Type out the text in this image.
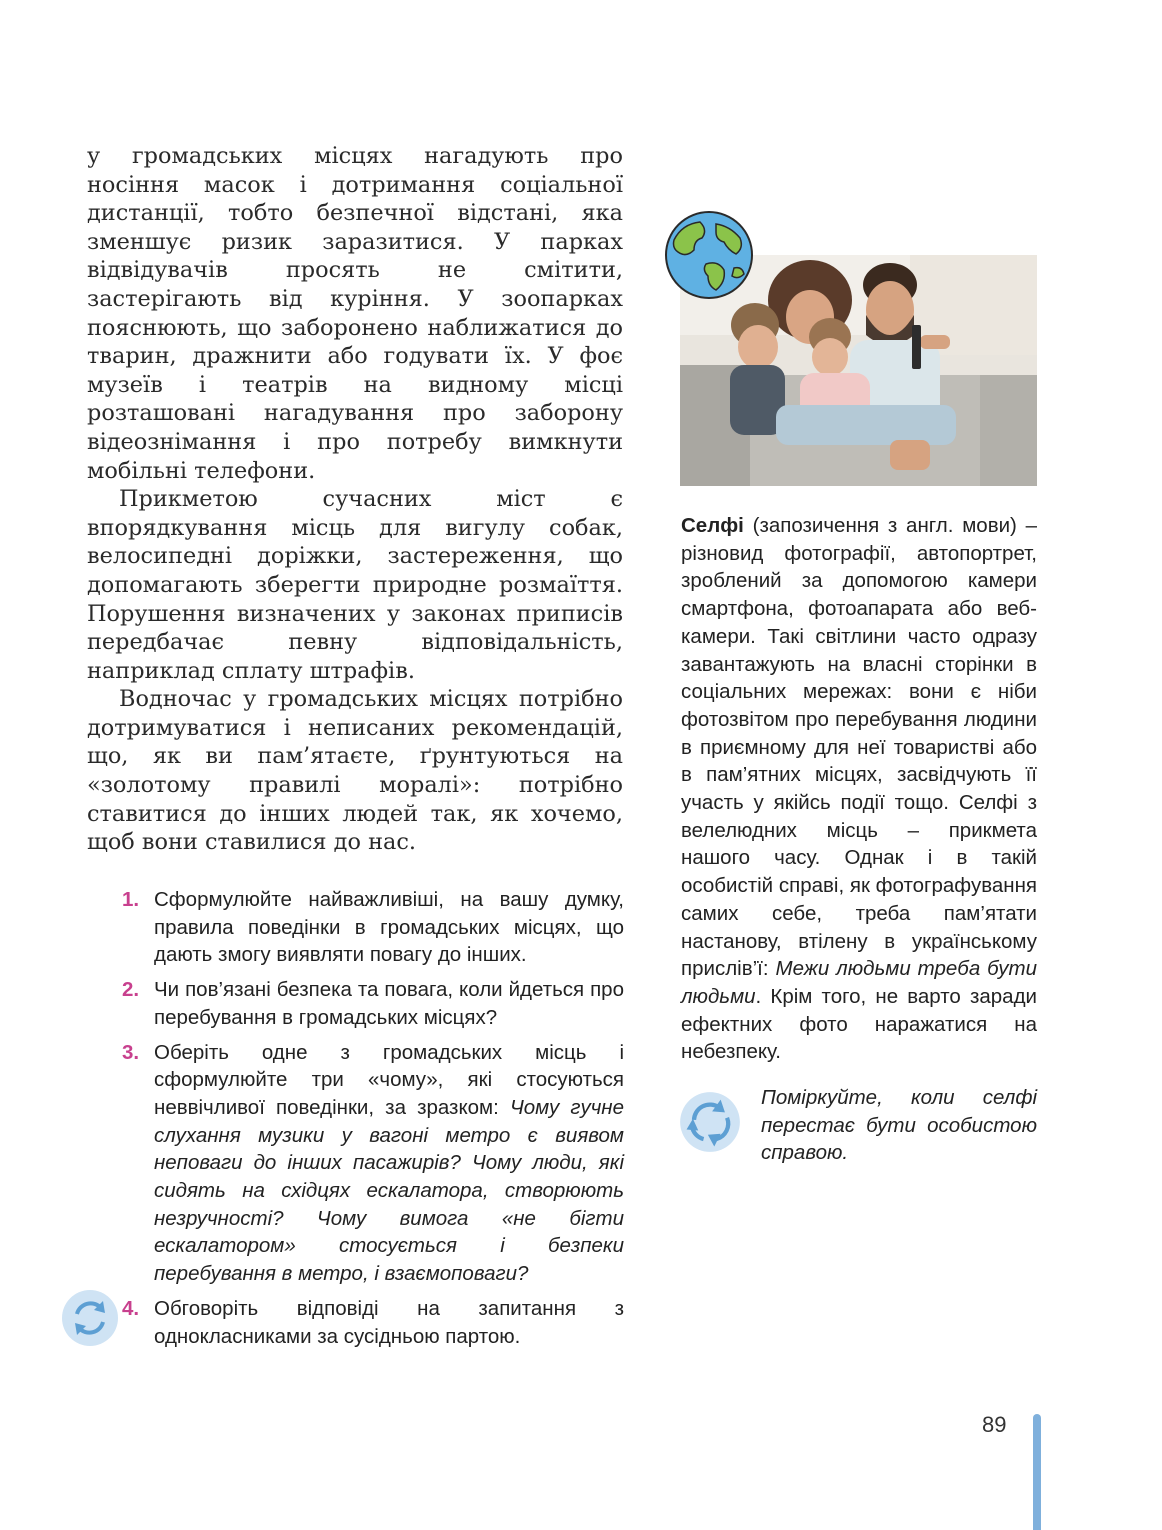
у громадських місцях нагадують про носіння масок і дотримання соціальної дистанції, тобто безпечної відстані, яка зменшує ризик заразитися. У парках відвідувачів просять не смітити, застерігають від куріння. У зоопарках пояснюють, що заборонено наближатися до тварин, дражнити або годувати їх. У фоє музеїв і театрів на видному місці розташовані нагадування про заборону відеознімання і про потребу вимкнути мобільні телефони.

Прикметою сучасних міст є впорядкування місць для вигулу собак, велосипедні доріжки, застереження, що допомагають зберегти природне розмаїття. Порушення визначених у законах приписів передбачає певну відповідальність, наприклад сплату штрафів.

Водночас у громадських місцях потрібно дотримуватися і неписаних рекомендацій, що, як ви пам’ятаєте, ґрунтуються на «золотому правилі моралі»: потрібно ставитися до інших людей так, як хочемо, щоб вони ставилися до нас.

1. Сформулюйте найважливіші, на вашу думку, правила поведінки в громадських місцях, що дають змогу виявляти повагу до інших.
2. Чи пов’язані безпека та повага, коли йдеться про перебування в громадських місцях?
3. Оберіть одне з громадських місць і сформулюйте три «чому», які стосуються неввічливої поведінки, за зразком: Чому гучне слухання музики у вагоні метро є виявом неповаги до інших пасажирів? Чому люди, які сидять на східцях ескалатора, створюють незручності? Чому вимога «не бігти ескалатором» стосується і безпеки перебування в метро, і взаємоповаги?
4. Обговоріть відповіді на запитання з однокласниками за сусідньою партою.
Селфі (запозичення з англ. мови) – різновид фотографії, автопортрет, зроблений за допомогою камери смартфона, фотоапарата або веб-камери. Такі світлини часто одразу завантажують на власні сторінки в соціальних мережах: вони є ніби фотозвітом про перебування людини в приємному для неї товаристві або в пам’ятних місцях, засвідчують її участь у якійсь події тощо. Селфі з велелюдних місць – прикмета нашого часу. Однак і в такій особистій справі, як фотографування самих себе, треба пам’ятати настанову, втілену в українському прислів’ї: Межи людьми треба бути людьми. Крім того, не варто заради ефектних фото наражатися на небезпеку.
Поміркуйте, коли селфі перестає бути особистою справою.
89
